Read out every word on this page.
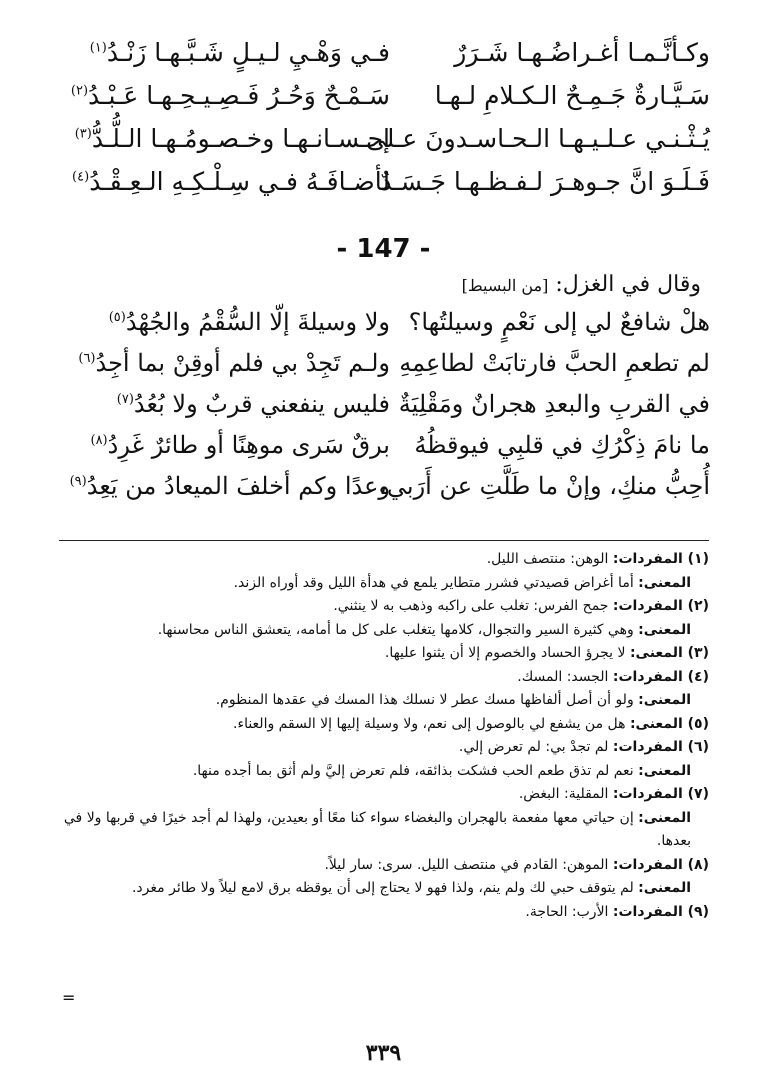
وكـأنَّـمـا أغـراضُـهـا شَـرَرٌ
فـي وَهْـيِ لـيـلٍ شَـبَّـهـا زَنْـدُ$^{(١)}$
سَـيَّـارةٌ جَـمِـحٌ الـكـلامِ لـهـا
سَـمْـحٌ وَحُـرُ فَـصِـيـحِـهـا عَـبْـدُ$^{(٢)}$
يُـثْـنـي عـلـيـهـا الـحـاسـدونَ عـلى
إحـسـانـهـا وخـصـومُـهـا الـلُّـدُّ$^{(٣)}$
فَـلَـوَ انَّ جـوهـرَ لـفـظـهـا جَـسَـدٌ
لأضـافَـهُ فـي سِـلْـكِـهِ الـعِـقْـدُ$^{(٤)}$
- 147 -
وقال في الغزل: [من البسيط]
هلْ شافعٌ لي إلى نَعْمٍ وسيلتُها؟
ولا وسيلةَ إلّا السُّقْمُ والجُهْدُ$^{(٥)}$
لم تطعمِ الحبَّ فارتابَتْ لطاعِمِهِ
ولـم تَجِدْ بي فلم أوقِنْ بما أجِدُ$^{(٦)}$
في القربِ والبعدِ هجرانٌ ومَقْلِيَةٌ
فليس ينفعني قربٌ ولا بُعُدُ$^{(٧)}$
ما نامَ ذِكْرُكِ في قلبِي فيوقظُهُ
برقٌ سَرى موهِنًا أو طائرٌ غَرِدُ$^{(٨)}$
أُحِبُّ منكِ، وإنْ ما طَلَّتِ عن أَرَبي،
وعدًا وكم أخلفَ الميعادُ من يَعِدُ$^{(٩)}$
(١) المفردات: الوهن: منتصف الليل.
المعنى: أما أغراض قصيدتي فشرر متطاير يلمع في هدأة الليل وقد أوراه الزند.
(٢) المفردات: جمح الفرس: تغلب على راكبه وذهب به لا ينثني.
المعنى: وهي كثيرة السير والتجوال، كلامها يتغلب على كل ما أمامه، يتعشق الناس محاسنها.
(٣) المعنى: لا يجرؤ الحساد والخصوم إلا أن يثنوا عليها.
(٤) المفردات: الجسد: المسك.
المعنى: ولو أن أصل ألفاظها مسك عطر لا نسلك هذا المسك في عقدها المنظوم.
(٥) المعنى: هل من يشفع لي بالوصول إلى نعم، ولا وسيلة إليها إلا السقم والعناء.
(٦) المفردات: لم تجدْ بي: لم تعرض إلي.
المعنى: نعم لم تذق طعم الحب فشكت بذائقه، فلم تعرض إليَّ ولم أثق بما أجده منها.
(٧) المفردات: المقلية: البغض.
المعنى: إن حياتي معها مفعمة بالهجران والبغضاء سواء كنا معًا أو بعيدين، ولهذا لم أجد خيرًا في قربها ولا في بعدها.
(٨) المفردات: الموهن: القادم في منتصف الليل. سرى: سار ليلاً.
المعنى: لم يتوقف حبي لك ولم ينم، ولذا فهو لا يحتاج إلى أن يوقظه برق لامع ليلاً ولا طائر مغرد.
(٩) المفردات: الأرب: الحاجة.
=
٣٣٩
